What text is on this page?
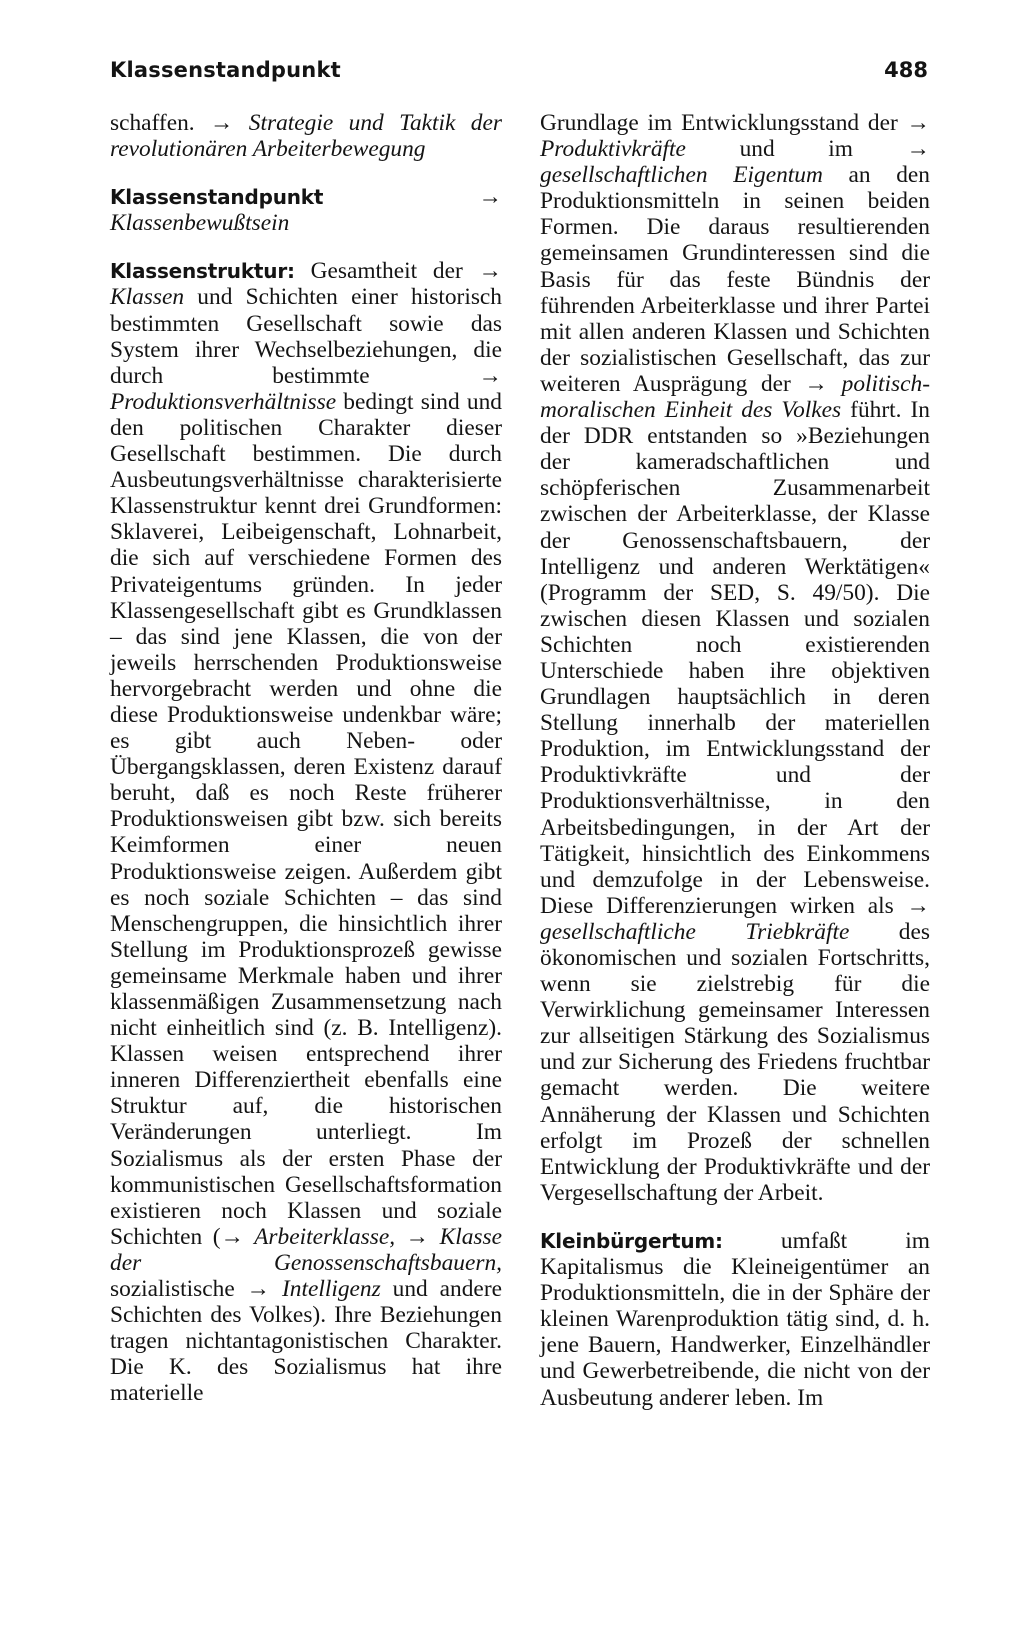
Klassenstandpunkt	488

schaffen. → Strategie und Taktik der revolutionären Arbeiterbewegung

Klassenstandpunkt → Klassenbewußtsein

Klassenstruktur: Gesamtheit der → Klassen und Schichten einer historisch bestimmten Gesellschaft sowie das System ihrer Wechselbeziehungen, die durch bestimmte → Produktionsverhältnisse bedingt sind und den politischen Charakter dieser Gesellschaft bestimmen. Die durch Ausbeutungsverhältnisse charakterisierte Klassenstruktur kennt drei Grundformen: Sklaverei, Leibeigenschaft, Lohnarbeit, die sich auf verschiedene Formen des Privateigentums gründen. In jeder Klassengesellschaft gibt es Grundklassen – das sind jene Klassen, die von der jeweils herrschenden Produktionsweise hervorgebracht werden und ohne die diese Produktionsweise undenkbar wäre; es gibt auch Neben- oder Übergangsklassen, deren Existenz darauf beruht, daß es noch Reste früherer Produktionsweisen gibt bzw. sich bereits Keimformen einer neuen Produktionsweise zeigen. Außerdem gibt es noch soziale Schichten – das sind Menschengruppen, die hinsichtlich ihrer Stellung im Produktionsprozeß gewisse gemeinsame Merkmale haben und ihrer klassenmäßigen Zusammensetzung nach nicht einheitlich sind (z. B. Intelligenz). Klassen weisen entsprechend ihrer inneren Differenziertheit ebenfalls eine Struktur auf, die historischen Veränderungen unterliegt. Im Sozialismus als der ersten Phase der kommunistischen Gesellschaftsformation existieren noch Klassen und soziale Schichten (→ Arbeiterklasse, → Klasse der Genossenschaftsbauern, sozialistische → Intelligenz und andere Schichten des Volkes). Ihre Beziehungen tragen nichtantagonistischen Charakter. Die K. des Sozialismus hat ihre materielle

Grundlage im Entwicklungsstand der → Produktivkräfte und im → gesellschaftlichen Eigentum an den Produktionsmitteln in seinen beiden Formen. Die daraus resultierenden gemeinsamen Grundinteressen sind die Basis für das feste Bündnis der führenden Arbeiterklasse und ihrer Partei mit allen anderen Klassen und Schichten der sozialistischen Gesellschaft, das zur weiteren Ausprägung der → politisch-moralischen Einheit des Volkes führt. In der DDR entstanden so »Beziehungen der kameradschaftlichen und schöpferischen Zusammenarbeit zwischen der Arbeiterklasse, der Klasse der Genossenschaftsbauern, der Intelligenz und anderen Werktätigen« (Programm der SED, S. 49/50). Die zwischen diesen Klassen und sozialen Schichten noch existierenden Unterschiede haben ihre objektiven Grundlagen hauptsächlich in deren Stellung innerhalb der materiellen Produktion, im Entwicklungsstand der Produktivkräfte und der Produktionsverhältnisse, in den Arbeitsbedingungen, in der Art der Tätigkeit, hinsichtlich des Einkommens und demzufolge in der Lebensweise. Diese Differenzierungen wirken als → gesellschaftliche Triebkräfte des ökonomischen und sozialen Fortschritts, wenn sie zielstrebig für die Verwirklichung gemeinsamer Interessen zur allseitigen Stärkung des Sozialismus und zur Sicherung des Friedens fruchtbar gemacht werden. Die weitere Annäherung der Klassen und Schichten erfolgt im Prozeß der schnellen Entwicklung der Produktivkräfte und der Vergesellschaftung der Arbeit.

Kleinbürgertum: umfaßt im Kapitalismus die Kleineigentümer an Produktionsmitteln, die in der Sphäre der kleinen Warenproduktion tätig sind, d. h. jene Bauern, Handwerker, Einzelhändler und Gewerbetreibende, die nicht von der Ausbeutung anderer leben. Im
